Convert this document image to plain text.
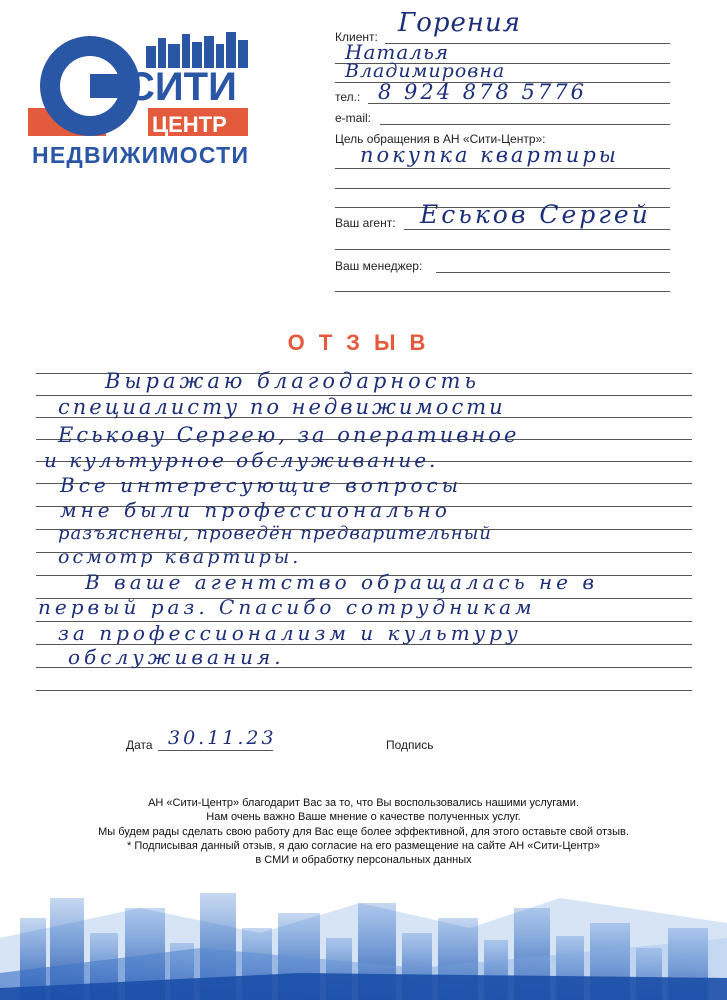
СИТИ
ЦЕНТР
НЕДВИЖИМОСТИ
Клиент: Горения
Наталья
Владимировна
тел.: 8 924 878 5776
e-mail:
Цель обращения в АН «Сити-Центр»:
покупка квартиры
Ваш агент: Еськов Сергей
Ваш менеджер:
ОТЗЫВ
Выражаю благодарность
специалисту по недвижимости
Еськову Сергею, за оперативное
и культурное обслуживание.
Все интересующие вопросы
мне были профессионально
разъяснены, проведён предварительный
осмотр квартиры.
В ваше агентство обращалась не в
первый раз. Спасибо сотрудникам
за профессионализм и культуру
обслуживания.
Дата 30.11.23	Подпись
АН «Сити-Центр» благодарит Вас за то, что Вы воспользовались нашими услугами.
Нам очень важно Ваше мнение о качестве полученных услуг.
Мы будем рады сделать свою работу для Вас еще более эффективной, для этого оставьте свой отзыв.
* Подписывая данный отзыв, я даю согласие на его размещение на сайте АН «Сити-Центр»
в СМИ и обработку персональных данных
